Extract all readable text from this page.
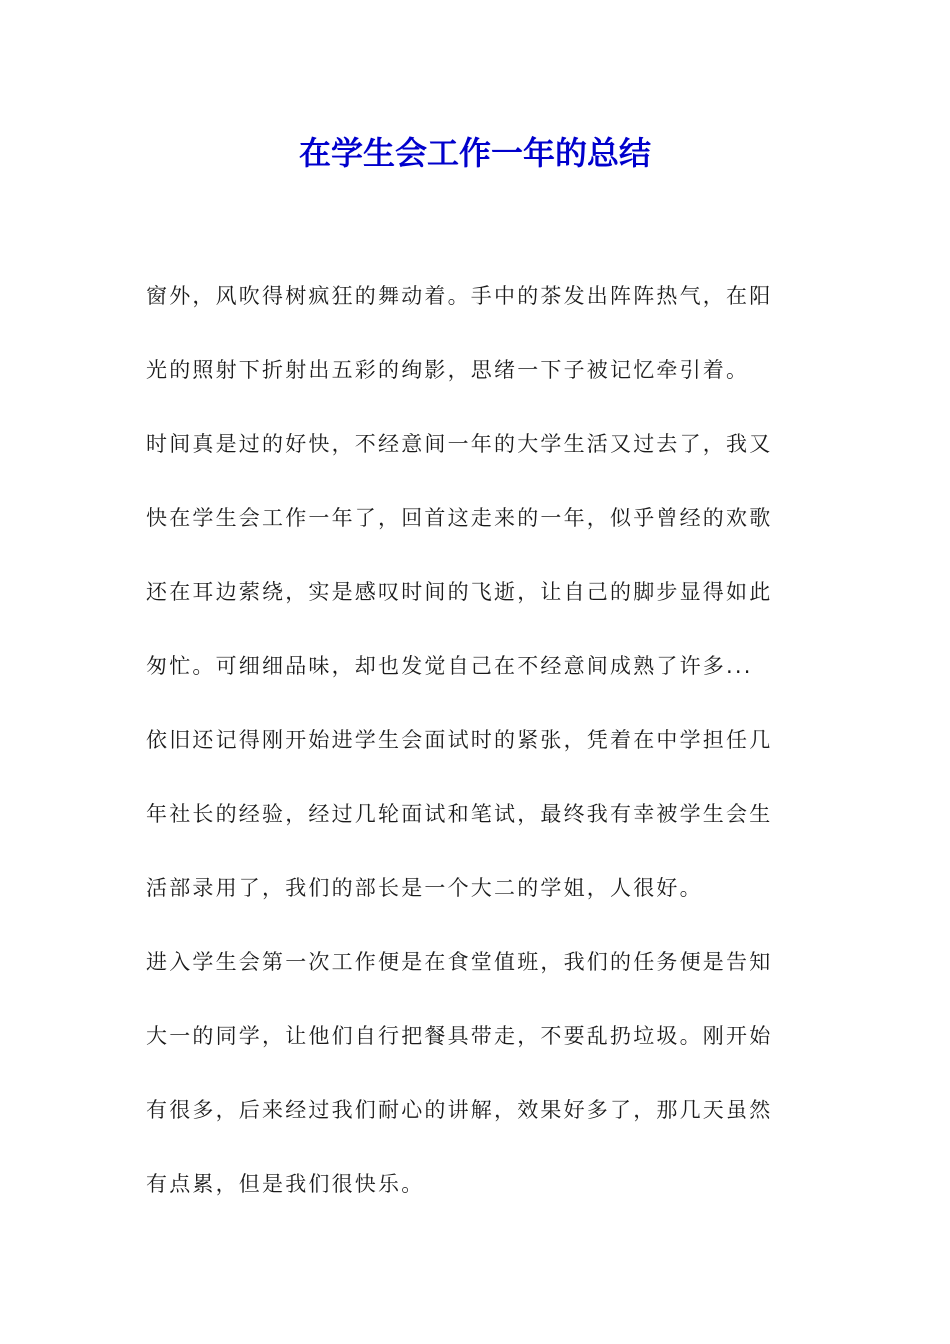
在学生会工作一年的总结
窗外，风吹得树疯狂的舞动着。手中的茶发出阵阵热气，在阳
光的照射下折射出五彩的绚影，思绪一下子被记忆牵引着。
时间真是过的好快，不经意间一年的大学生活又过去了，我又
快在学生会工作一年了，回首这走来的一年，似乎曾经的欢歌
还在耳边萦绕，实是感叹时间的飞逝，让自己的脚步显得如此
匆忙。可细细品味，却也发觉自己在不经意间成熟了许多...
依旧还记得刚开始进学生会面试时的紧张，凭着在中学担任几
年社长的经验，经过几轮面试和笔试，最终我有幸被学生会生
活部录用了，我们的部长是一个大二的学姐，人很好。
进入学生会第一次工作便是在食堂值班，我们的任务便是告知
大一的同学，让他们自行把餐具带走，不要乱扔垃圾。刚开始
有很多，后来经过我们耐心的讲解，效果好多了，那几天虽然
有点累，但是我们很快乐。
